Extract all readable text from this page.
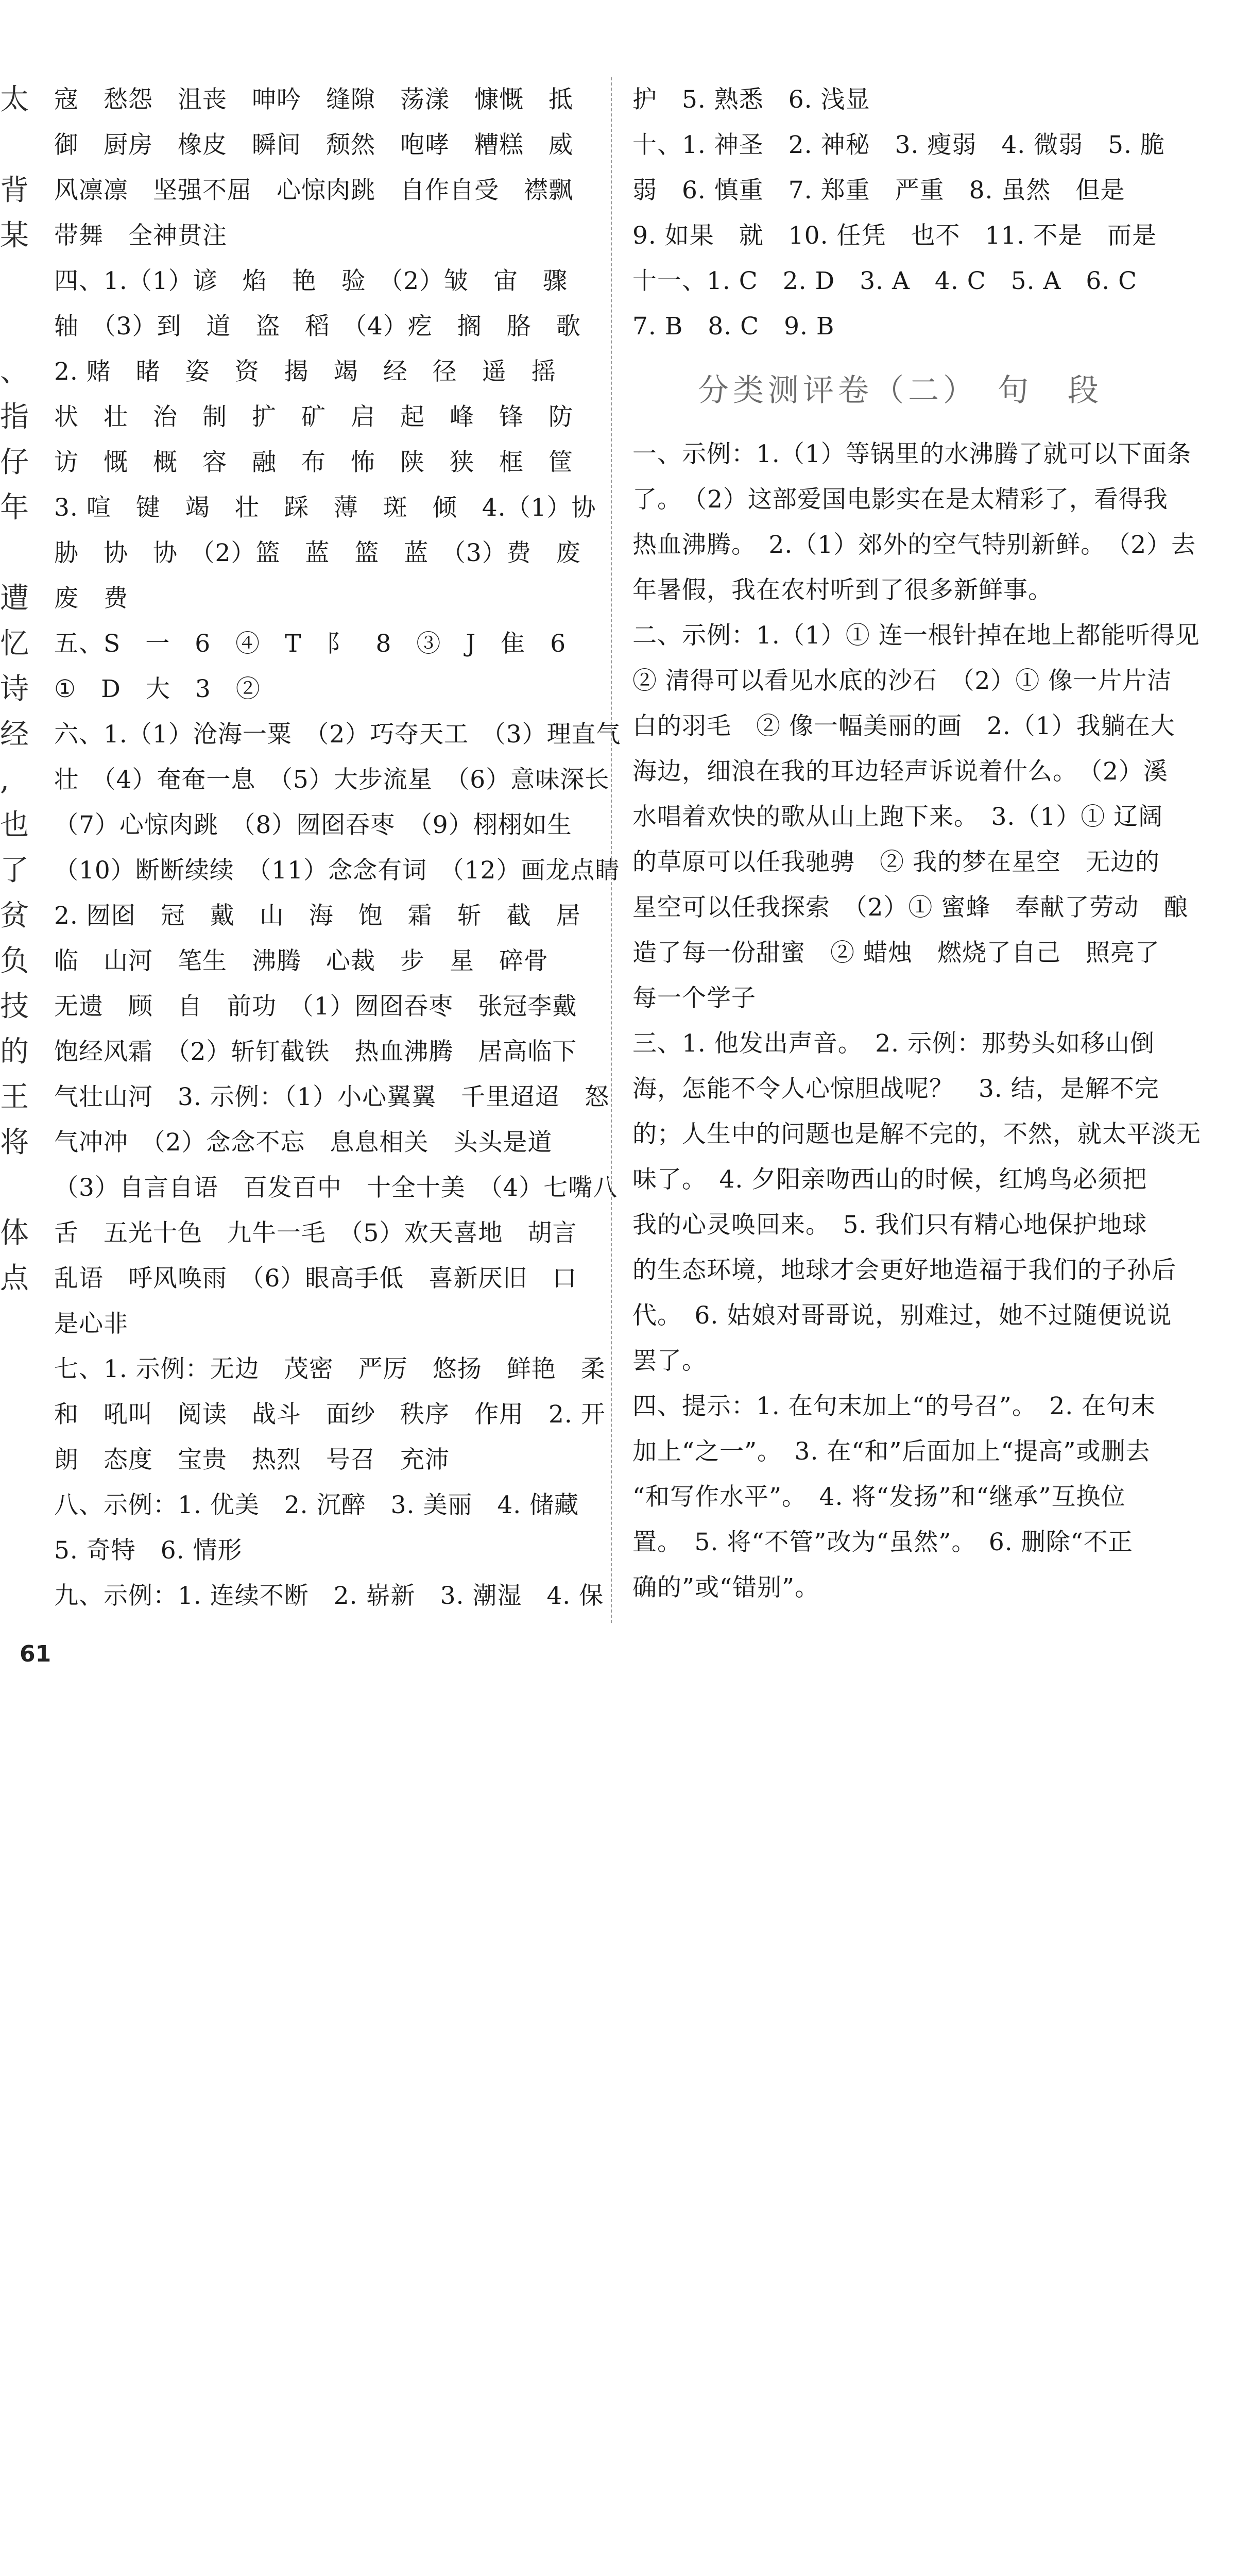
太
背
某
、
指
仔
年
遭
忆
诗
经
,
也
了
贫
负
技
的
王
将
体
点
寇　愁怨　沮丧　呻吟　缝隙　荡漾　慷慨　抵
御　厨房　橡皮　瞬间　颓然　咆哮　糟糕　威
风凛凛　坚强不屈　心惊肉跳　自作自受　襟飘
带舞　全神贯注
四、1.（1）谚　焰　艳　验　（2）皱　宙　骤
轴　（3）到　道　盗　稻　（4）疙　搁　胳　歌
2. 赌　睹　姿　资　揭　竭　经　径　遥　摇
状　壮　治　制　扩　矿　启　起　峰　锋　防
访　慨　概　容　融　布　怖　陕　狭　框　筐
3. 喧　键　竭　壮　踩　薄　斑　倾　4.（1）协
胁　协　协　（2）篮　蓝　篮　蓝　（3）费　废
废　费
五、S　一　6　④　T　阝　8　③　J　隹　6
①　D　大　3　②
六、1.（1）沧海一粟　（2）巧夺天工　（3）理直气
壮　（4）奄奄一息　（5）大步流星　（6）意味深长
（7）心惊肉跳　（8）囫囵吞枣　（9）栩栩如生
（10）断断续续　（11）念念有词　（12）画龙点睛
2. 囫囵　冠　戴　山　海　饱　霜　斩　截　居
临　山河　笔生　沸腾　心裁　步　星　碎骨
无遗　顾　自　前功　（1）囫囵吞枣　张冠李戴
饱经风霜　（2）斩钉截铁　热血沸腾　居高临下
气壮山河　3. 示例：（1）小心翼翼　千里迢迢　怒
气冲冲　（2）念念不忘　息息相关　头头是道
（3）自言自语　百发百中　十全十美　（4）七嘴八
舌　五光十色　九牛一毛　（5）欢天喜地　胡言
乱语　呼风唤雨　（6）眼高手低　喜新厌旧　口
是心非
七、1. 示例：无边　茂密　严厉　悠扬　鲜艳　柔
和　吼叫　阅读　战斗　面纱　秩序　作用　2. 开
朗　态度　宝贵　热烈　号召　充沛
八、示例：1. 优美　2. 沉醉　3. 美丽　4. 储藏
5. 奇特　6. 情形
九、示例：1. 连续不断　2. 崭新　3. 潮湿　4. 保
护　5. 熟悉　6. 浅显
十、1. 神圣　2. 神秘　3. 瘦弱　4. 微弱　5. 脆
弱　6. 慎重　7. 郑重　严重　8. 虽然　但是
9. 如果　就　10. 任凭　也不　11. 不是　而是
十一、1. C　2. D　3. A　4. C　5. A　6. C
7. B　8. C　9. B
分类测评卷（二）　句　段
一、示例：1.（1）等锅里的水沸腾了就可以下面条
了。　（2）这部爱国电影实在是太精彩了，看得我
热血沸腾。　2.（1）郊外的空气特别新鲜。　（2）去
年暑假，我在农村听到了很多新鲜事。
二、示例：1.（1）① 连一根针掉在地上都能听得见
② 清得可以看见水底的沙石　（2）① 像一片片洁
白的羽毛　② 像一幅美丽的画　2.（1）我躺在大
海边，细浪在我的耳边轻声诉说着什么。　（2）溪
水唱着欢快的歌从山上跑下来。　3.（1）① 辽阔
的草原可以任我驰骋　② 我的梦在星空　无边的
星空可以任我探索　（2）① 蜜蜂　奉献了劳动　酿
造了每一份甜蜜　② 蜡烛　燃烧了自己　照亮了
每一个学子
三、1. 他发出声音。　2. 示例：那势头如移山倒
海，怎能不令人心惊胆战呢？　3. 结，是解不完
的；人生中的问题也是解不完的，不然，就太平淡无
味了。　4. 夕阳亲吻西山的时候，红鸠鸟必须把
我的心灵唤回来。　5. 我们只有精心地保护地球
的生态环境，地球才会更好地造福于我们的子孙后
代。　6. 姑娘对哥哥说，别难过，她不过随便说说
罢了。
四、提示：1. 在句末加上“的号召”。　2. 在句末
加上“之一”。　3. 在“和”后面加上“提高”或删去
“和写作水平”。　4. 将“发扬”和“继承”互换位
置。　5. 将“不管”改为“虽然”。　6. 删除“不正
确的”或“错别”。
61
